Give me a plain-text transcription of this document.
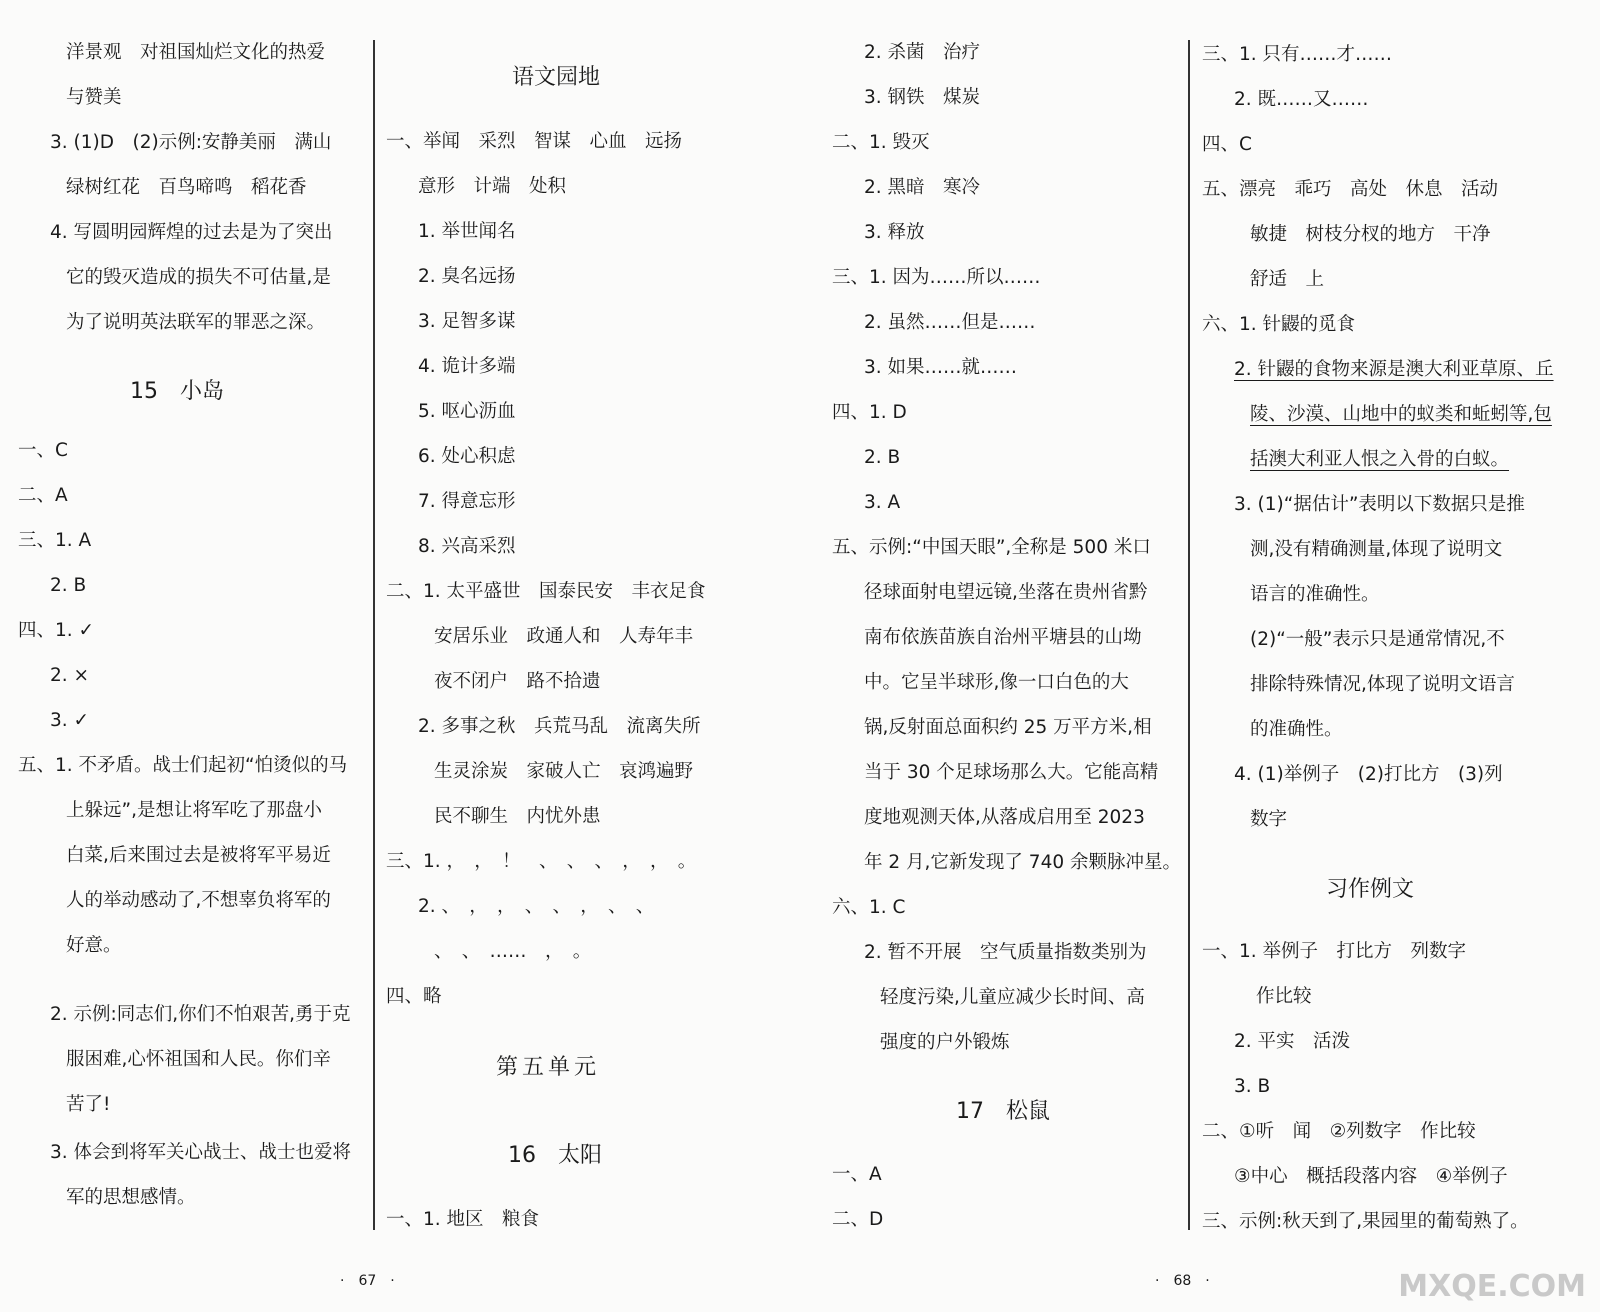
洋景观　对祖国灿烂文化的热爱
与赞美
3. (1)D　(2)示例:安静美丽　满山
绿树红花　百鸟啼鸣　稻花香
4. 写圆明园辉煌的过去是为了突出
它的毁灭造成的损失不可估量,是
为了说明英法联军的罪恶之深。
15　小岛
一、C
二、A
三、1. A
2. B
四、1. ✓
2. ×
3. ✓
五、1. 不矛盾。战士们起初“怕烫似的马
上躲远”,是想让将军吃了那盘小
白菜,后来围过去是被将军平易近
人的举动感动了,不想辜负将军的
好意。
2. 示例:同志们,你们不怕艰苦,勇于克
服困难,心怀祖国和人民。你们辛
苦了!
3. 体会到将军关心战士、战士也爱将
军的思想感情。
语文园地
一、举闻　采烈　智谋　心血　远扬
意形　计端　处积
1. 举世闻名
2. 臭名远扬
3. 足智多谋
4. 诡计多端
5. 呕心沥血
6. 处心积虑
7. 得意忘形
8. 兴高采烈
二、1. 太平盛世　国泰民安　丰衣足食
安居乐业　政通人和　人寿年丰
夜不闭户　路不拾遗
2. 多事之秋　兵荒马乱　流离失所
生灵涂炭　家破人亡　哀鸿遍野
民不聊生　内忧外患
三、1. ，　，　！　、　、　、　，　，　。
2. 、　，　，　、　、　，　、　、
、　、　……　，　。
四、略
第五单元
16　太阳
一、1. 地区　粮食
·　67　·
2. 杀菌　治疗
3. 钢铁　煤炭
二、1. 毁灭
2. 黑暗　寒冷
3. 释放
三、1. 因为……所以……
2. 虽然……但是……
3. 如果……就……
四、1. D
2. B
3. A
五、示例:“中国天眼”,全称是 500 米口
径球面射电望远镜,坐落在贵州省黔
南布依族苗族自治州平塘县的山坳
中。它呈半球形,像一口白色的大
锅,反射面总面积约 25 万平方米,相
当于 30 个足球场那么大。它能高精
度地观测天体,从落成启用至 2023
年 2 月,它新发现了 740 余颗脉冲星。
六、1. C
2. 暂不开展　空气质量指数类别为
轻度污染,儿童应减少长时间、高
强度的户外锻炼
17　松鼠
一、A
二、D
三、1. 只有……才……
2. 既……又……
四、C
五、漂亮　乖巧　高处　休息　活动
敏捷　树枝分杈的地方　干净
舒适　上
六、1. 针鼹的觅食
2. 针鼹的食物来源是澳大利亚草原、丘
陵、沙漠、山地中的蚁类和蚯蚓等,包
括澳大利亚人恨之入骨的白蚁。
3. (1)“据估计”表明以下数据只是推
测,没有精确测量,体现了说明文
语言的准确性。
(2)“一般”表示只是通常情况,不
排除特殊情况,体现了说明文语言
的准确性。
4. (1)举例子　(2)打比方　(3)列
数字
习作例文
一、1. 举例子　打比方　列数字
作比较
2. 平实　活泼
3. B
二、①听　闻　②列数字　作比较
③中心　概括段落内容　④举例子
三、示例:秋天到了,果园里的葡萄熟了。
·　68　·	MXQE.COM
